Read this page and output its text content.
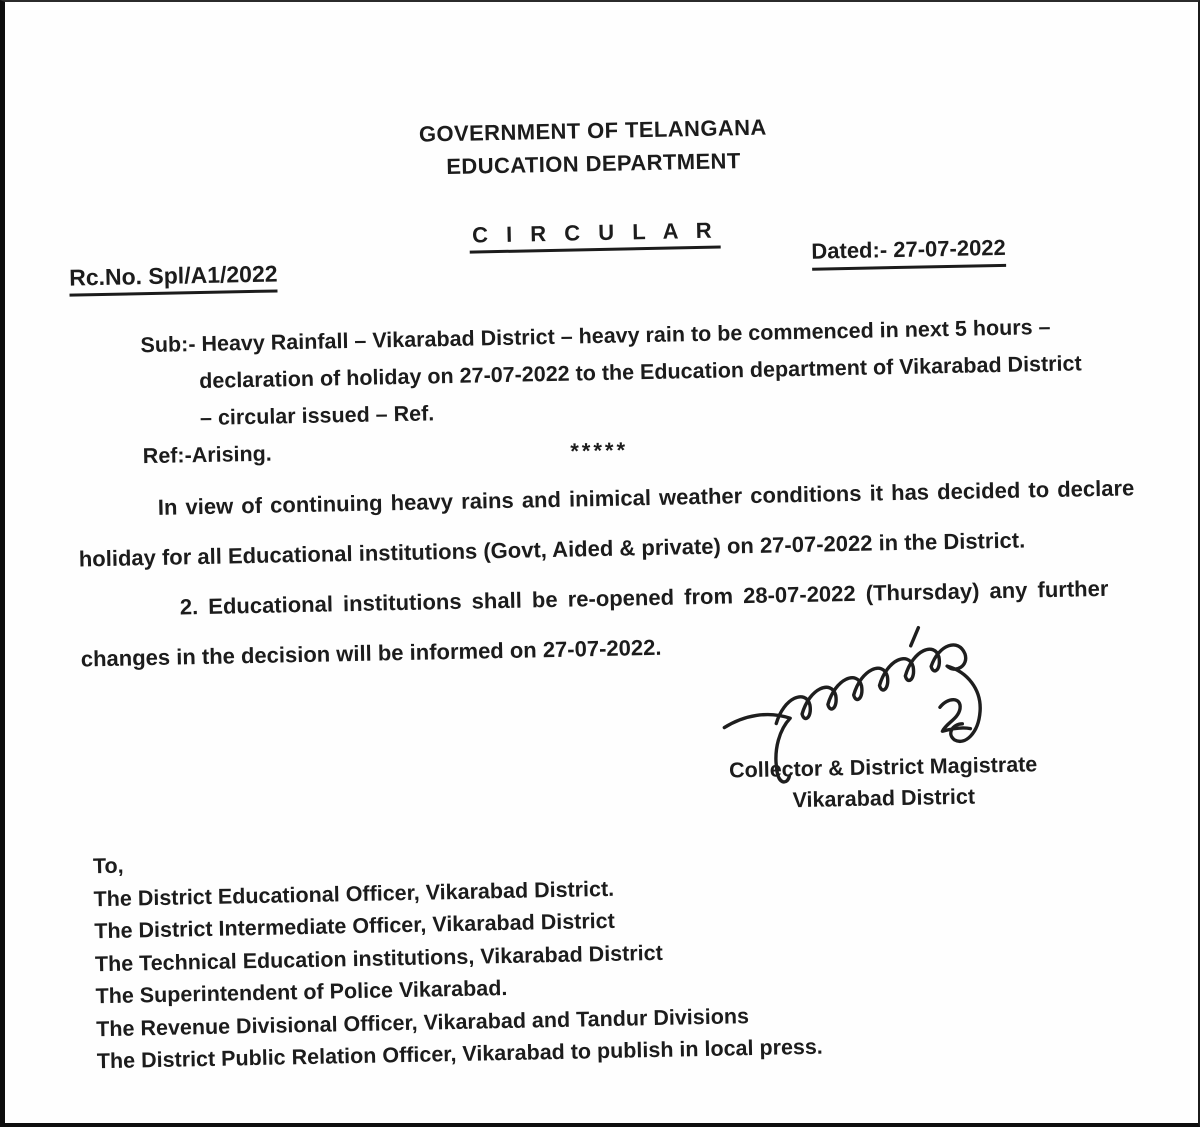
GOVERNMENT OF TELANGANA
EDUCATION DEPARTMENT
C I R C U L A R
Rc.No. Spl/A1/2022
Dated:- 27-07-2022
Sub:- Heavy Rainfall – Vikarabad District – heavy rain to be commenced in next 5 hours –
declaration of holiday on 27-07-2022 to the Education department of Vikarabad District
– circular issued – Ref.
Ref:-Arising.	*****
In view of continuing heavy rains and inimical weather conditions it has decided to declare
holiday for all Educational institutions (Govt, Aided & private) on 27-07-2022 in the District.
2. Educational institutions shall be re-opened from 28-07-2022 (Thursday) any further
changes in the decision will be informed on 27-07-2022.
Collector & District Magistrate
Vikarabad District
To,
The District Educational Officer, Vikarabad District.
The District Intermediate Officer, Vikarabad District
The Technical Education institutions, Vikarabad District
The Superintendent of Police Vikarabad.
The Revenue Divisional Officer, Vikarabad and Tandur Divisions
The District Public Relation Officer, Vikarabad to publish in local press.
